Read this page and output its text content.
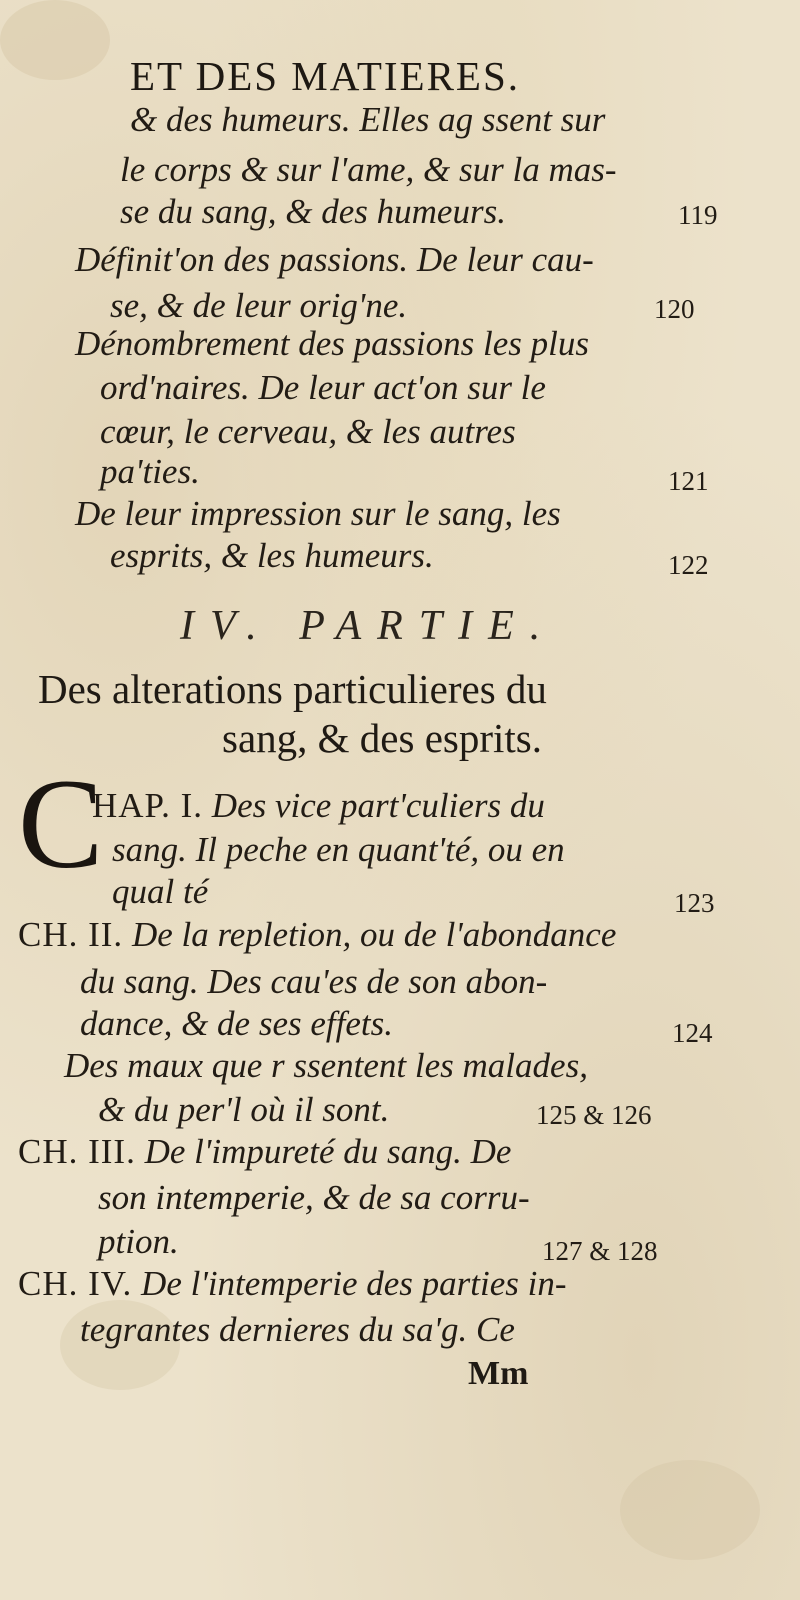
ET DES MATIERES.
& des humeurs. Elles ag ssent sur
le corps & sur l'ame, & sur la mas-
se du sang, & des humeurs.	119
Définit'on des passions. De leur cau-
se, & de leur orig'ne.	120
Dénombrement des passions les plus
ord'naires. De leur act'on sur le
cœur, le cerveau, & les autres
pa'ties.	121
De leur impression sur le sang, les
esprits, & les humeurs.	122
IV. PARTIE.
Des alterations particulieres du
sang, & des esprits.
C
HAP. I. Des vice part'culiers du
sang. Il peche en quant'té, ou en
qual té	123
CH. II. De la repletion, ou de l'abondance
du sang. Des cau'es de son abon-
dance, & de ses effets.	124
Des maux que r ssentent les malades,
& du per'l où il sont.	125 & 126
CH. III. De l'impureté du sang. De
son intemperie, & de sa corru-
ption.	127 & 128
CH. IV. De l'intemperie des parties in-
tegrantes dernieres du sa'g. Ce
Mm
